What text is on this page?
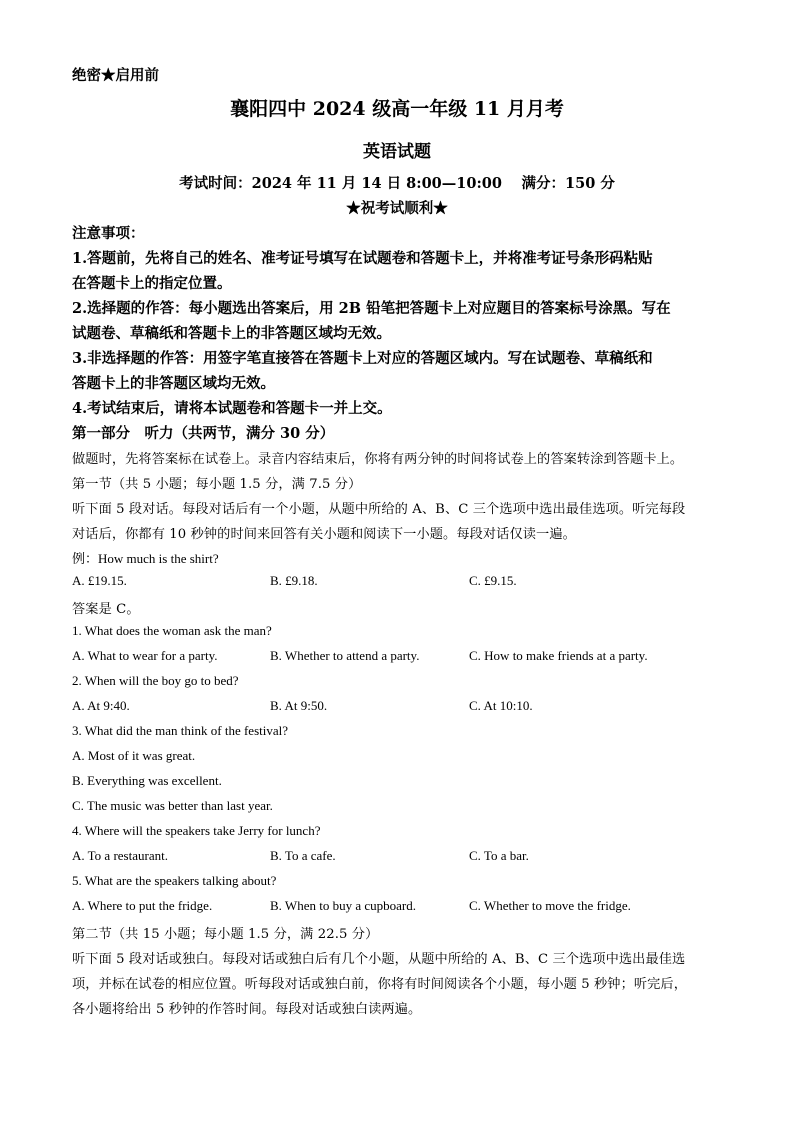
绝密★启用前
襄阳四中 2024 级高一年级 11 月月考
英语试题
考试时间：2024 年 11 月 14 日 8:00—10:00　 满分：150 分
★祝考试顺利★
注意事项：
1.答题前，先将自己的姓名、准考证号填写在试题卷和答题卡上，并将准考证号条形码粘贴
在答题卡上的指定位置。
2.选择题的作答：每小题选出答案后，用 2B 铅笔把答题卡上对应题目的答案标号涂黑。写在
试题卷、草稿纸和答题卡上的非答题区域均无效。
3.非选择题的作答：用签字笔直接答在答题卡上对应的答题区域内。写在试题卷、草稿纸和
答题卡上的非答题区域均无效。
4.考试结束后，请将本试题卷和答题卡一并上交。
第一部分　听力（共两节，满分 30 分）
做题时，先将答案标在试卷上。录音内容结束后，你将有两分钟的时间将试卷上的答案转涂到答题卡上。
第一节（共 5 小题；每小题 1.5 分，满 7.5 分）
听下面 5 段对话。每段对话后有一个小题，从题中所给的 A、B、C 三个选项中选出最佳选项。听完每段
对话后，你都有 10 秒钟的时间来回答有关小题和阅读下一小题。每段对话仅读一遍。
例：How much is the shirt?
A. £19.15.	B. £9.18.	C. £9.15.
答案是 C。
1. What does the woman ask the man?
A. What to wear for a party.	B. Whether to attend a party.	C. How to make friends at a party.
2. When will the boy go to bed?
A. At 9:40.	B. At 9:50.	C. At 10:10.
3. What did the man think of the festival?
A. Most of it was great.
B. Everything was excellent.
C. The music was better than last year.
4. Where will the speakers take Jerry for lunch?
A. To a restaurant.	B. To a cafe.	C. To a bar.
5. What are the speakers talking about?
A. Where to put the fridge.	B. When to buy a cupboard.	C. Whether to move the fridge.
第二节（共 15 小题；每小题 1.5 分，满 22.5 分）
听下面 5 段对话或独白。每段对话或独白后有几个小题，从题中所给的 A、B、C 三个选项中选出最佳选
项，并标在试卷的相应位置。听每段对话或独白前，你将有时间阅读各个小题，每小题 5 秒钟；听完后，
各小题将给出 5 秒钟的作答时间。每段对话或独白读两遍。
